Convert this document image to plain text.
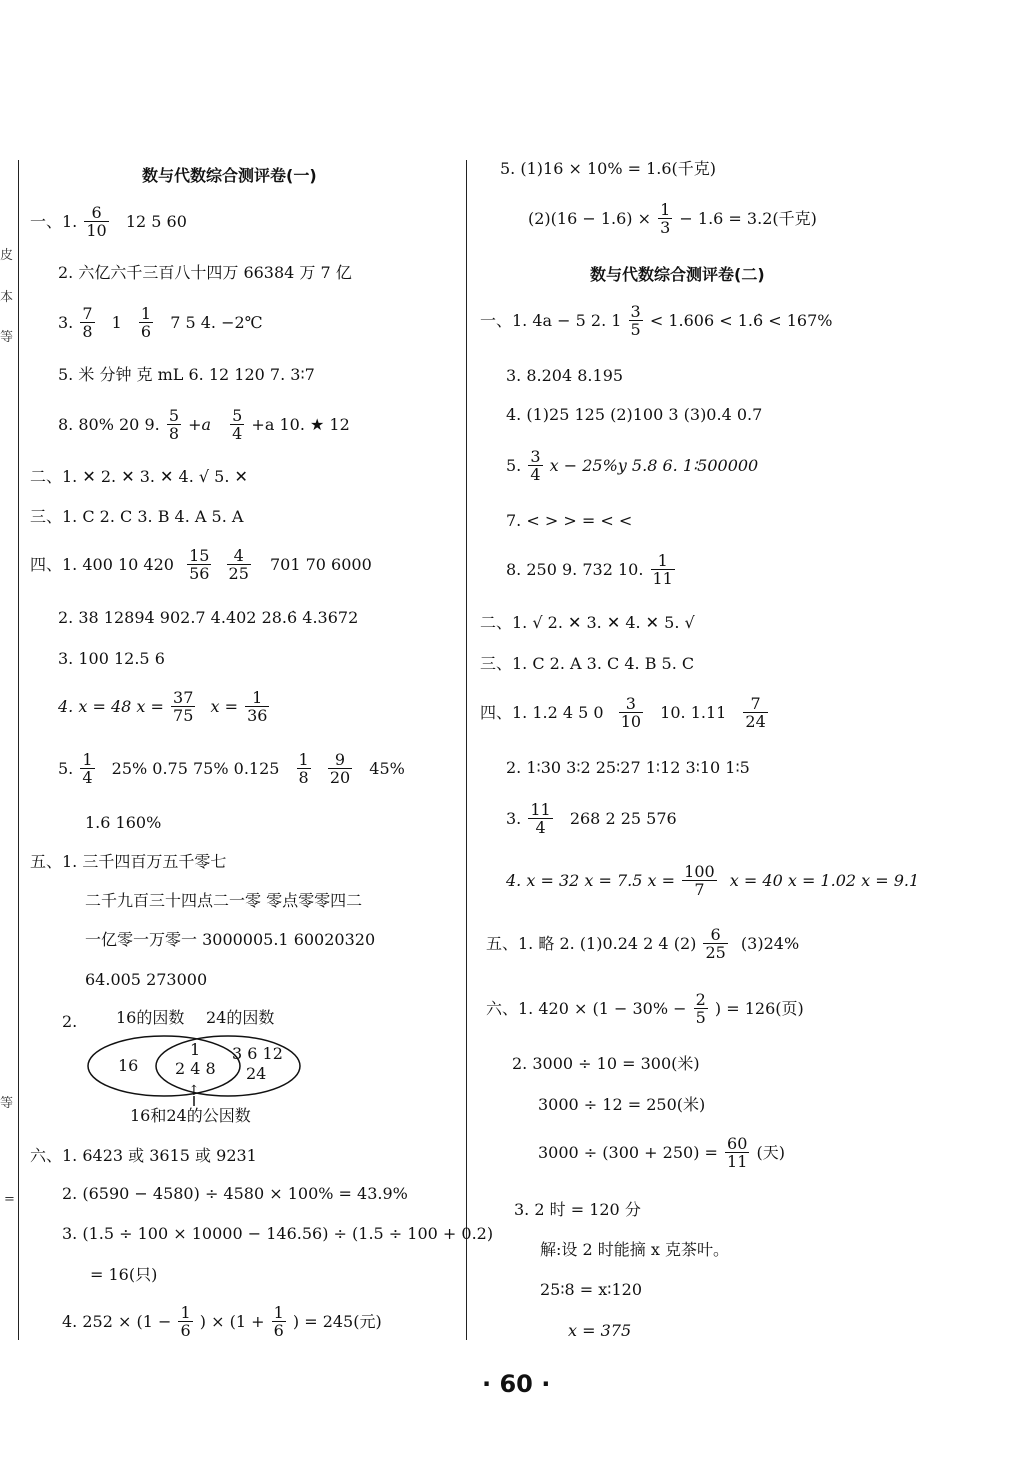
皮
本
等
等
=
数与代数综合测评卷(一)
一、1. $\frac{6}{10} 12$ 5 60
2. 六亿六千三百八十四万 66384 万 7 亿
3. $\frac{7}{8} 1 \frac{1}{6} 7$ 5 4. −2℃
5. 米 分钟 克 mL 6. 12 120 7. 3∶7
8. 80% 20 9. $\frac{5}{8} +a \frac{5}{4} +a$ 10. ★ 12
二、1. ✕ 2. ✕ 3. ✕ 4. √ 5. ✕
三、1. C 2. C 3. B 4. A 5. A
四、1. 400 10 $420 \frac{15}{56}$
$\frac{4}{25} 701$ 70 6000
2. 38 12894 902.7 4.402 28.6̇ 4.3672
3. 100 12.5 6
4. x = 48 $x = \frac{37}{75}$ $x = \frac{1}{36}$
5. $\frac{1}{4} 25\%$ 0.75 75% $0.125 \frac{1}{8}$
$\frac{9}{20} 45\%$
1.6 160%
五、1. 三千四百万五千零七
二千九百三十四点二一零 零点零零四二
一亿零一万零一 3000005.1 60020320
64.005 273000
2. 16的因数 24的因数
16
1
2 4 8
3 6 12
24
↑
16和24的公因数
六、1. 6423 或 3615 或 9231
2. (6590 − 4580) ÷ 4580 × 100% = 43.9%
3. (1.5 ÷ 100 × 10000 − 146.56) ÷ (1.5 ÷ 100 + 0.2)
= 16(只)
4. $252 \times (1 - \frac{1}{6}$ ) × ($1 + \frac{1}{6}$ ) = 245(元)
5. (1)16 × 10% = 1.6(千克)
$(2)(16 - 1.6) \times \frac{1}{3} - 1.6 = 3.2$(千克)
数与代数综合测评卷(二)
一、1. 4a − 5 2. $1 \frac{3}{5} < 1.606$ < 1.6̇ < 167%
3. 8.204 8.195
4. (1)25 125 (2)100 3 (3)0.4 0.7
5. $\frac{3}{4}$ x − 25%y 5.8 6. 1∶500000
7. < > > = < <
8. 250 9. 732 10. $\frac{1}{11}$
二、1. √ 2. ✕ 3. ✕ 4. ✕ 5. √
三、1. C 2. A 3. C 4. B 5. C
四、1. 1.2 4 5 $0 \frac{3}{10} 10$. $1.11 \frac{7}{24}$
2. 1∶30 3∶2 25∶27 1∶12 3∶10 1∶5
3. $\frac{11}{4} 268$ 2 25 576
4. x = 32 x = 7.5 $x = \frac{100}{7}$ x = 40 x = 1.02 x = 9.1
五、1. 略 2. (1)0.24 2 4 $(2) \frac{6}{25} (3)24\%$
六、1. $420 \times (1 - 30\% - \frac{2}{5}$ ) = 126(页)
2. 3000 ÷ 10 = 300(米)
3000 ÷ 12 = 250(米)
$3000 \div (300 + 250) = \frac{60}{11}$ (天)
3. 2 时 = 120 分
解:设 2 时能摘 x 克茶叶。
25∶8 = x∶120
x = 375
· 60 ·
